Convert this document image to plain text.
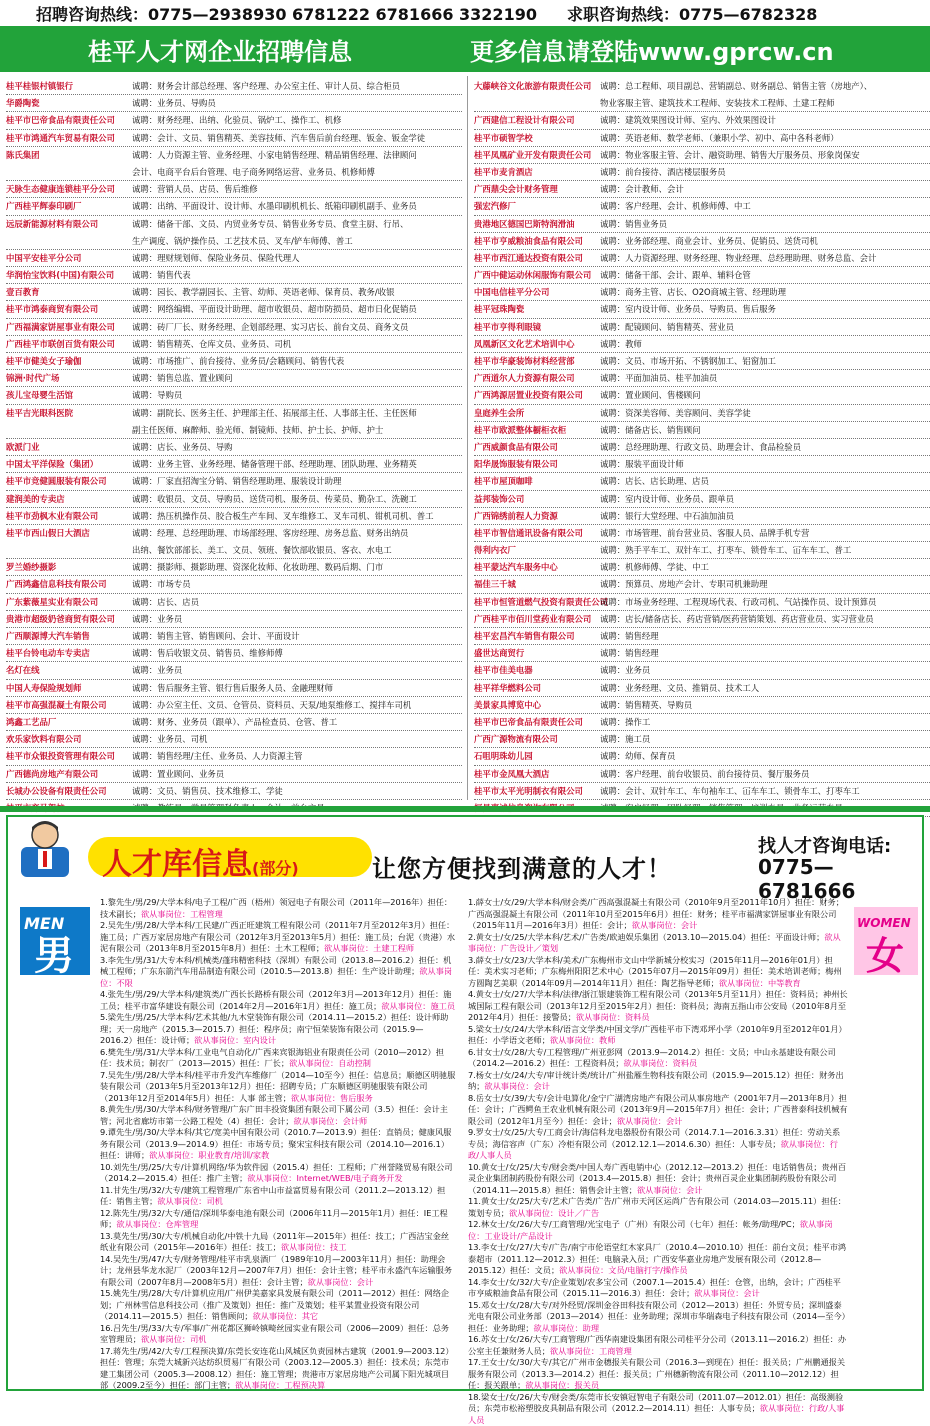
招聘咨询热线：0775—2938930 6781222 6781666 3322190 求职咨询热线：0775—6782328
桂平人才网企业招聘信息	更多信息请登陆www.gprcw.cn
桂平桂银村镇银行	诚聘：财务会计部总经理、客户经理、办公室主任、审计人员、综合柜员
华爵陶瓷	诚聘：业务员、导购员
桂平市巴帝食品有限责任公司	诚聘：财务经理、出纳、化验员、锅炉工、操作工、机修
桂平市鸿通汽车贸易有限公司	诚聘：会计、文员、销售精英、美容技师、汽车售后前台经理、钣金、钣金学徒
陈氏集团	诚聘：人力资源主管、业务经理、小家电销售经理、精品销售经理、法律顾问
会计、电商平台后台管理、电子商务网络运营、业务员、机修师傅
天脉生态健康连锁桂平分公司	诚聘：营销人员、店员、售后维修
广西桂平辉泰印刷厂	诚聘：出纳、平面设计、设计师、水墨印刷机机长、纸箱印刷机副手、业务员
远辰新能源材料有限公司	诚聘：储备干部、文员、内贸业务专员、销售业务专员、食堂主厨、行吊、
生产调度、锅炉操作员、工艺技术员、叉车/铲车师傅、普工
中国平安桂平分公司	诚聘：理财规划师、保险业务员、保险代理人
华润怡宝饮料(中国)有限公司	诚聘：销售代表
壹百教育	诚聘：园长、教学副园长、主管、幼师、英语老师、保育员、教务/收银
桂平市鸿泰商贸有限公司	诚聘：网络编辑、平面设计助理、超市收银员、超市防损员、超市日化促销员
广西福满家饼屋事业有限公司	诚聘：砖厂厂长、财务经理、企划部经理、实习店长、前台文员、商务文员
广西桂平市联创百货有限公司	诚聘：销售精英、仓库文员、业务员、司机
桂平市健美女子瑜伽	诚聘：市场推广、前台接待、业务员/会籍顾问、销售代表
锦洲·时代广场	诚聘：销售总监、置业顾问
孩儿宝母婴生活馆	诚聘：导购员
桂平吉光眼科医院	诚聘：副院长、医务主任、护理部主任、拓展部主任、人事部主任、主任医师
副主任医师、麻醉师、验光师、制镜师、技师、护士长、护师、护士
欧派门业	诚聘：店长、业务员、导购
中国太平洋保险（集团）	诚聘：业务主管、业务经理、储备管理干部、经理助理、团队助理、业务精英
桂平市竞健圆服装有限公司	诚聘：厂家直招淘宝分销、销售经理助理、服装设计助理
建润美的专卖店	诚聘：收银员、文员、导购员、送货司机、服务员、传菜员、勤杂工、洗碗工
桂平市劲枫木业有限公司	诚聘：热压机操作员、胶合板生产车间、叉车维修工、叉车司机、钳机司机、普工
桂平市西山假日大酒店	诚聘：经理、总经理助理、市场部经理、客房经理、房务总监、财务出纳员
出纳、餐饮部部长、美工、文员、领班、餐饮部收银员、客衣、水电工
罗兰婚纱摄影	诚聘：摄影师、摄影助理、资深化妆师、化妆助理、数码后期、门市
广西鸿鑫信息科技有限公司	诚聘：市场专员
广东紫薇星实业有限公司	诚聘：店长、店员
贵港市超级奶爸商贸有限公司	诚聘：业务员
广西顺源博大汽车销售	诚聘：销售主管、销售顾问、会计、平面设计
桂平台铃电动车专卖店	诚聘：售后收银文员、销售员、维修师傅
名灯在线	诚聘：业务员
中国人寿保险规划师	诚聘：售后服务主管、银行售后服务人员、金融理财师
桂平市高强混凝土有限公司	诚聘：办公室主任、文员、仓管员、资料员、天泵/地泵维修工、搅拌车司机
鸿鑫工艺品厂	诚聘：财务、业务员（跟单）、产品检查员、仓管、普工
欢乐家饮料有限公司	诚聘：业务员、司机
桂平市众银投资管理有限公司	诚聘：销售经理/主任、业务员、人力资源主管
广西德尚房地产有限公司	诚聘：置业顾问、业务员
长城办公设备有限责任公司	诚聘：文员、销售员、技术维修工、学徒
大藤峡谷文化旅游有限责任公司	诚聘：总工程师、项目副总、营销副总、财务副总、销售主管（房地产）、
物业客服主管、建筑技术工程师、安装技术工程师、土建工程师
广西建信工程设计有限公司	诚聘：建筑效果图设计师、室内、外效果图设计
桂平市硕智学校	诚聘：英语老师、数学老师、（兼职小学、初中、高中各科老师）
桂平凤凰矿业开发有限责任公司	诚聘：物业客服主管、会计、融资助理、销售大厅服务员、形象岗保安
桂平市麦肯酒店	诚聘：前台接待、酒店楼层服务员
广西鼎尖会计财务管理	诚聘：会计教师、会计
强宏汽修厂	诚聘：客户经理、会计、机修师傅、中工
贵港地区德国巴斯特润滑油	诚聘：销售业务员
桂平市亨威粮油食品有限公司	诚聘：业务部经理、商业会计、业务员、促销员、送货司机
桂平市西江通达投资有限公司	诚聘：人力资源经理、财务经理、物业经理、总经理助理、财务总监、会计
广西中健运动休闲服饰有限公司	诚聘：储备干部、会计、跟单、辅料仓管
中国电信桂平分公司	诚聘：商务主管、店长、O2O商城主管、经理助理
桂平冠珠陶瓷	诚聘：室内设计师、业务员、导购员、售后服务
桂平市亨得利眼镜	诚聘：配镜顾问、销售精英、营业员
凤凰新区文化艺术培训中心	诚聘：教师
桂平市华豪装饰材料经营部	诚聘：文员、市场开拓、不锈钢加工、铝窗加工
广西道尔人力资源有限公司	诚聘：平面加油员、桂平加油员
广西鸿源居置业投资有限公司	诚聘：置业顾问、售楼顾问
皇庭养生会所	诚聘：资深美容师、美容顾问、美容学徒
桂平市欧派整体橱柜衣柜	诚聘：储备店长、销售顾问
广西威颜食品有限公司	诚聘：总经理助理、行政文员、助理会计、食品检验员
阳华晟饰服装有限公司	诚聘：服装平面设计师
桂平市屋顶咖啡	诚聘：店长、店长助理、店员
益邦装饰公司	诚聘：室内设计师、业务员、跟单员
广西锦绣前程人力资源	诚聘：银行大堂经理、中石油加油员
桂平市智信通讯设备有限公司	诚聘：市场管理、前台营业员、客服人员、品牌手机专营
得利内衣厂	诚聘：熟手平车工、双针车工、打枣车、锁骨车工、冚车车工、普工
桂平蒙达汽车服务中心	诚聘：机修师傅、学徒、中工
福佳三千城	诚聘：预算员、房地产会计、专职司机兼助理
桂平市恒管道燃气投资有限责任公司
诚聘：市场业务经理、工程现场代表、行政司机、气站操作员、设计预算员
广西桂平市佰川堂药业有限公司	诚聘：店长/储备店长、药店营销/医药营销策划、药店营业员、实习营业员
桂平宏昌汽车销售有限公司	诚聘：销售经理
盛世达商贸行	诚聘：销售经理
桂平市佳美电器	诚聘：业务员
桂平祥华燃料公司	诚聘：业务经理、文员、推销员、技术工人
美景家具博览中心	诚聘：销售精英、导购员
桂平市巴帝食品有限责任公司	诚聘：操作工
广西广源物流有限公司	诚聘：施工员
石咀明珠幼儿园	诚聘：幼师、保育员
桂平市金凤凰大酒店	诚聘：客户经理、前台收银员、前台接待员、餐厅服务员
桂平市太平光明制衣有限公司	诚聘：会计、双针车工、车句袖车工、冚车车工、锁骨车工、打枣车工
人才库信息(部分)	让您方便找到满意的人才！
找人才咨询电话:
0775—6781666
MEN
男

1.黎先生/男/29/大学本科/电子工程/广西（梧州）领冠电子有限公司（2011年—2016年）担任：技术副长；欲从事岗位：工程管理

2.吴先生/男/28/大学本科/工民建/广西正旺建筑工程有限公司（2011年7月至2012年3月）担任：施工员；广西万家居房地产有限公司（2012年3月至2013年5月）担任：施工员；台泥（贵港）水泥有限公司（2013年8月至2015年8月）担任：土木工程师；欲从事岗位：土建工程师

3.李先生/男/31/大专本科/机械类/蓬玮精密科技（深圳）有限公司（2013.8—2016.2）担任：机械工程师；广东东箭汽车用品制造有限公司（2010.5—2013.8）担任：生产设计助理；欲从事岗位：不限

4.张先生/男/29/大学本科/建筑类/广西长长路桥有限公司（2012年3月—2013年12月）担任：施工员；桂平市富华建设有限公司（2014年2月—2016年1月）担任：施工员；欲从事岗位：施工员

5.梁先生/男/25/大学本科/艺术其他/九木堂装饰有限公司（2014.11—2015.2）担任：设计师助理；天一房地产（2015.3—2015.7）担任：程序员；南宁恒荣装饰有限公司（2015.9—2016.2）担任：设计师；欲从事岗位：室内设计

6.樊先生/男/31/大学本科/工业电气自动化/广西来宾银海铝业有限责任公司（2010—2012）担任：技术员；制衣厂（2013—2015）担任：厂长；欲从事岗位：自动控制

7.吴先生/男/28/大学本科/桂平市升发汽车维修厂（2014—10至今）担任：信息员；顺德区明驰服装有限公司（2013年5月至2013年12月）担任：招聘专员；广东顺德区明驰服装有限公司（2013年12月至2014年5月）担任：人事 部主管；欲从事岗位：售后服务

8.黄先生/男/30/大学本科/财务管理/广东广田丰投资集团有限公司下属公司（3.5）担任：会计主管；河北省廊坊市第一公路工程处（4）担任：会计；欲从事岗位：会计师

9.谭先生/男/30/大学本科/其它/宽美中国有限公司（2010.7—2013.9）担任：直销员；健康风服务有限公司（2013.9—2014.9）担任：市场专员；聚宋宝科技有限公司（2014.10—2016.1）担任：讲师；欲从事岗位：职业教育/培训/家教

10.刘先生/男/25/大专/计算机网络/华为软件园（2015.4）担任：工程师；广州誉隆贸易有限公司（2014.2—2015.4）担任：推广主管；欲从事岗位：Internet/WEB/电子商务开发

11.甘先生/男/32/大专/建筑工程管理/广东省中山市益富贸易有限公司（2011.2—2013.12）担任：销售主管；欲从事岗位：司机

12.陈先生/男/32/大专/通信/深圳华泰电池有限公司（2006年11月—2015年1月）担任：IE工程师；欲从事岗位：仓库管理

13.莫先生/男/30/大专/机械自动化/中铁十九局（2011年—2015年）担任：技工；广西洁宝金丝纸业有限公司（2015年—2016年）担任：技工；欲从事岗位：技工

14.吴先生/男/47/大专/财务管理/桂平市乳泉酒厂（1989年10月—2003年11月）担任：助理会计；龙州县华龙水泥厂（2003年12月—2007年7月）担任：会计主管；桂平市永盛汽车运输服务有限公司（2007年8月—2008年5月）担任：会计主管；欲从事岗位：会计

15.姚先生/男/28/大专/计算机应用/广州伊美嘉家具发展有限公司（2011—2012）担任：网络企划；广州林雪信息科技公司（推广及策划）担任：推广及策划；桂平某置业投资有限公司（2014.11—2015.5）担任：销售顾问；欲从事岗位：其它

16.吕先生/男/33/大专/军事/广州花都区狮岭镇畸丝园实业有限公司（2006—2009）担任：总务室管理员；欲从事岗位：司机

17.蒋先生/男/42/大专/工程预决算/东莞长安连花山风城区负责园林古建筑（2001.9—2003.12）担任：管理；东莞大城新兴达纺织贸易厂有限公司（2003.12—2005.3）担任：技术员；东莞市建工集团公司（2005.3—2008.12）担任：施工管理；贵港市万家居房地产公司属下阳光城项目部（2009.2至今）担任：部门主管；欲从事岗位：工程预决算

1.薛女士/女/29/大学本科/财会类/广西高强混凝土有限公司（2010年9月至2011年10月）担任：财务；广西高强混凝土有限公司（2011年10月至2015年6月）担任：财务；桂平市福满家饼屋事业有限公司（2015年11月—2016年3月）担任：会计；欲从事岗位：会计

2.黄女士/女/25/大学本科/艺术/广告类/欧迪娱乐集团（2013.10—2015.04）担任：平面设计师；欲从事岗位：广告设计／策划

3.薛女士/女/23/大学本科/美术/广东梅州市文山中学新城分校实习（2015年11月—2016年01月）担任：美术实习老师；广东梅州阳阳艺术中心（2015年07月—2015年09月）担任：美术培训老师；梅州方圆陶艺美职（2014年09月—2014年11月）担任：陶艺指导老师；欲从事岗位：中等教育

4.黄女士/女/27/大学本科/法律/浙江银建装饰工程有限公司（2013年5月至11月）担任：资料员；神州长城国际工程有限公司（2013年12月至2015年2月）担任：资料员；海南五指山市公安局（2010年8月至2012年4月）担任：接警员；欲从事岗位：资料员

5.梁女士/女/24/大学本科/语言文学类/中国文学/广西桂平市下湾邓坪小学（2010年9月至2012年01月）担任：小学语文老师；欲从事岗位：教师

6.甘女士/女/28/大专/工程管理/广州亚彭网（2013.9—2014.2）担任：文员；中山永基建设有限公司（2014.2—2016.2）担任：工程资料员；欲从事岗位：资料员

7.杨女士/女/24/大专/审计统计类/统计/广州盐雁生物科技有限公司（2015.9—2015.12）担任：财务出纳；欲从事岗位：会计

8.岳女士/女/39/大专/会计电算化/金宁广湖湾房地产有限公司从事房地产（2001年7月—2013年8月）担任：会计；广西鳄鱼王农业机械有限公司（2013年9月—2015年7月）担任：会计；广西普泰科技机械有限公司（2012年1月至今）担任：会计；欲从事岗位：会计

9.罗女士/女/25/大专/工商会计/海信科龙电器股份有限公司（2014.7.1—2016.3.31）担任：劳动关系专员；海信容声（广东）冷柜有限公司（2012.12.1—2014.6.30）担任：人事专员；欲从事岗位：行政/人事人员

10.黄女士/女/25/大专/财会类/中国人寿广西电销中心（2012.12—2013.2）担任：电话销售员；贵州百灵企业集团制药股份有限公司（2013.4—2015.8）担任：会计；贵州百灵企业集团制药股份有限公司（2014.11—2015.8）担任：销售会计主管；欲从事岗位：会计

11.黄女士/女/25/大专/艺术广告类/广告/广州市天河区运尚广告有限公司（2014.03—2015.11）担任：策划专员；欲从事岗位：设计／广告

12.林女士/女/26/大专/工商管理/光宝电子（广州）有限公司（七年）担任：帐务/助理/PC；欲从事岗位：工业设计/产品设计

13.李女士/女/27/大专/广告/南宁市伦语堂红木家具厂（2010.4—2010.10）担任：前台文员；桂平市鸿泰超市（2011.12—2012.3）担任：电脑录入员；广西安华嘉业房地产发展有限公司（2012.8—2015.12）担任：文员；欲从事岗位：文员/电脑打字/操作员

14.李女士/女/32/大专/企业策划/农多宝公司（2007.1—2015.4）担任：仓管，出纳，会计；广西桂平市亨威粮油食品有限公司（2015.11—2016.3）担任：会计；欲从事岗位：会计

15.邓女士/女/28/大专/对外经贸/深圳金谷田科技有限公司（2012—2013）担任：外贸专员；深圳盛泰光电有限公司业务部（2013—2014）担任：业务助理；深圳市华瑞森电子科技有限公司（2014—至今）担任：业务助理；欲从事岗位：助理

16.苏女士/女/26/大专/工商管理/广西华南建设集团有限公司桂平分公司（2013.11—2016.2）担任：办公室主任兼财务人员；欲从事岗位：工商管理

17.王女士/女/30/大专/其它/广州市金穗报关有限公司（2016.3—到现在）担任：报关员；广州鹏通报关服务有限公司（2013.3—2014.2）担任：报关员；广州穗新物流有限公司（2011.10—2012.12）担任：报关跟单；欲从事岗位：报关员

18.梁女士/女/26/大专/财会类/东莞市长安镇冠智电子有限公司（2011.07—2012.01）担任：高级测验员；东莞市松裕塑胶皮具制品有限公司（2012.2—2014.11）担任：人事专员；欲从事岗位：行政/人事人员

WOMEN
女
